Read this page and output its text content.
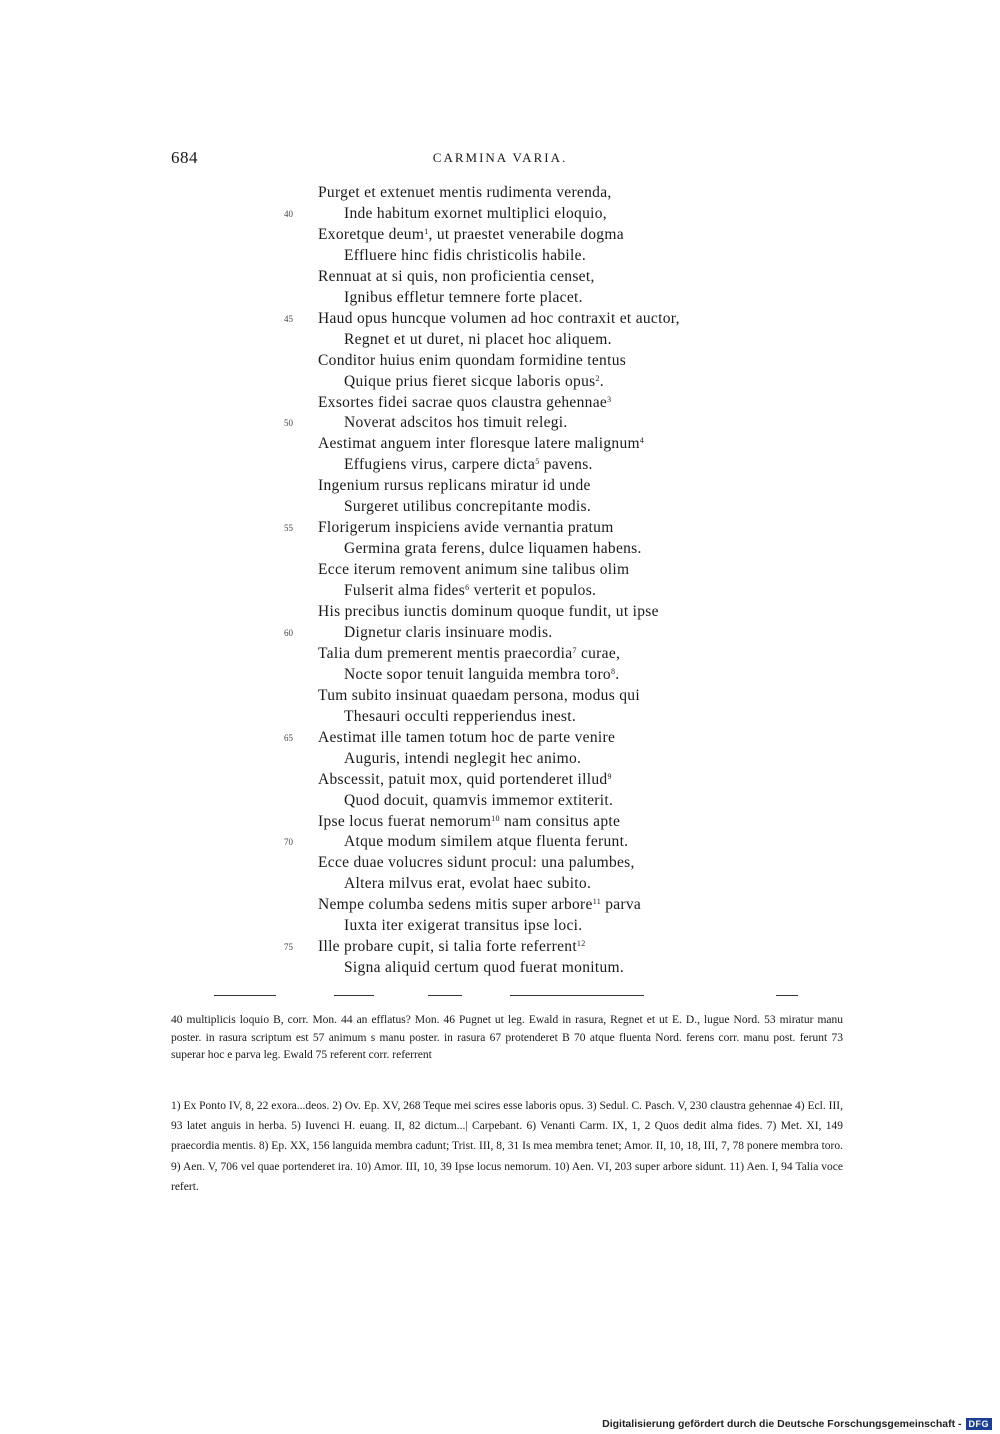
684	CARMINA VARIA.
Purget et extenuet mentis rudimenta verenda,
Inde habitum exornet multiplici eloquio,
Exoretque deum$^1$, ut praestet venerabile dogma
Effluere hinc fidis christicolis habile.
Rennuat at si quis, non proficientia censet,
Ignibus effletur temnere forte placet.
Haud opus huncque volumen ad hoc contraxit et auctor,
Regnet et ut duret, ni placet hoc aliquem.
Conditor huius enim quondam formidine tentus
Quique prius fieret sicque laboris opus$^2$.
Exsortes fidei sacrae quos claustra gehennae$^3$
Noverat adscitos hos timuit relegi.
Aestimat anguem inter floresque latere malignum$^4$
Effugiens virus, carpere dicta$^5$ pavens.
Ingenium rursus replicans miratur id unde
Surgeret utilibus concrepitante modis.
Florigerum inspiciens avide vernantia pratum
Germina grata ferens, dulce liquamen habens.
Ecce iterum removent animum sine talibus olim
Fulserit alma fides$^6$ verterit et populos.
His precibus iunctis dominum quoque fundit, ut ipse
Dignetur claris insinuare modis.
Talia dum premerent mentis praecordia$^7$ curae,
Nocte sopor tenuit languida membra toro$^8$.
Tum subito insinuat quaedam persona, modus qui
Thesauri occulti repperiendus inest.
Aestimat ille tamen totum hoc de parte venire
Auguris, intendi neglegit hec animo.
Abscessit, patuit mox, quid portenderet illud$^9$
Quod docuit, quamvis immemor extiterit.
Ipse locus fuerat nemorum$^{10}$ nam consitus apte
Atque modum similem atque fluenta ferunt.
Ecce duae volucres sidunt procul: una palumbes,
Altera milvus erat, evolat haec subito.
Nempe columba sedens mitis super arbore$^{11}$ parva
Iuxta iter exigerat transitus ipse loci.
Ille probare cupit, si talia forte referrent$^{12}$
Signa aliquid certum quod fuerat monitum.
40
45
50
55
60
65
70
75
40 multiplicis loquio B, corr. Mon. 44 an efflatus? Mon. 46 Pugnet ut leg. Ewald in rasura, Regnet et ut E. D., lugue Nord. 53 miratur manu poster. in rasura scriptum est 57 animum s manu poster. in rasura 67 protenderet B 70 atque fluenta Nord. ferens corr. manu post. ferunt 73 superar hoc e parva leg. Ewald 75 referent corr. referrent

1) Ex Ponto IV, 8, 22 exora...deos. 2) Ov. Ep. XV, 268 Teque mei scires esse laboris opus. 3) Sedul. C. Pasch. V, 230 claustra gehennae 4) Ecl. III, 93 latet anguis in herba. 5) Iuvenci H. euang. II, 82 dictum...| Carpebant. 6) Venanti Carm. IX, 1, 2 Quos dedit alma fides. 7) Met. XI, 149 praecordia mentis. 8) Ep. XX, 156 languida membra cadunt; Trist. III, 8, 31 Is mea membra tenet; Amor. II, 10, 18, III, 7, 78 ponere membra toro. 9) Aen. V, 706 vel quae portenderet ira. 10) Amor. III, 10, 39 Ipse locus nemorum. 10) Aen. VI, 203 super arbore sidunt. 11) Aen. I, 94 Talia voce refert.

Digitalisierung gefördert durch die Deutsche Forschungsgemeinschaft - DFG
